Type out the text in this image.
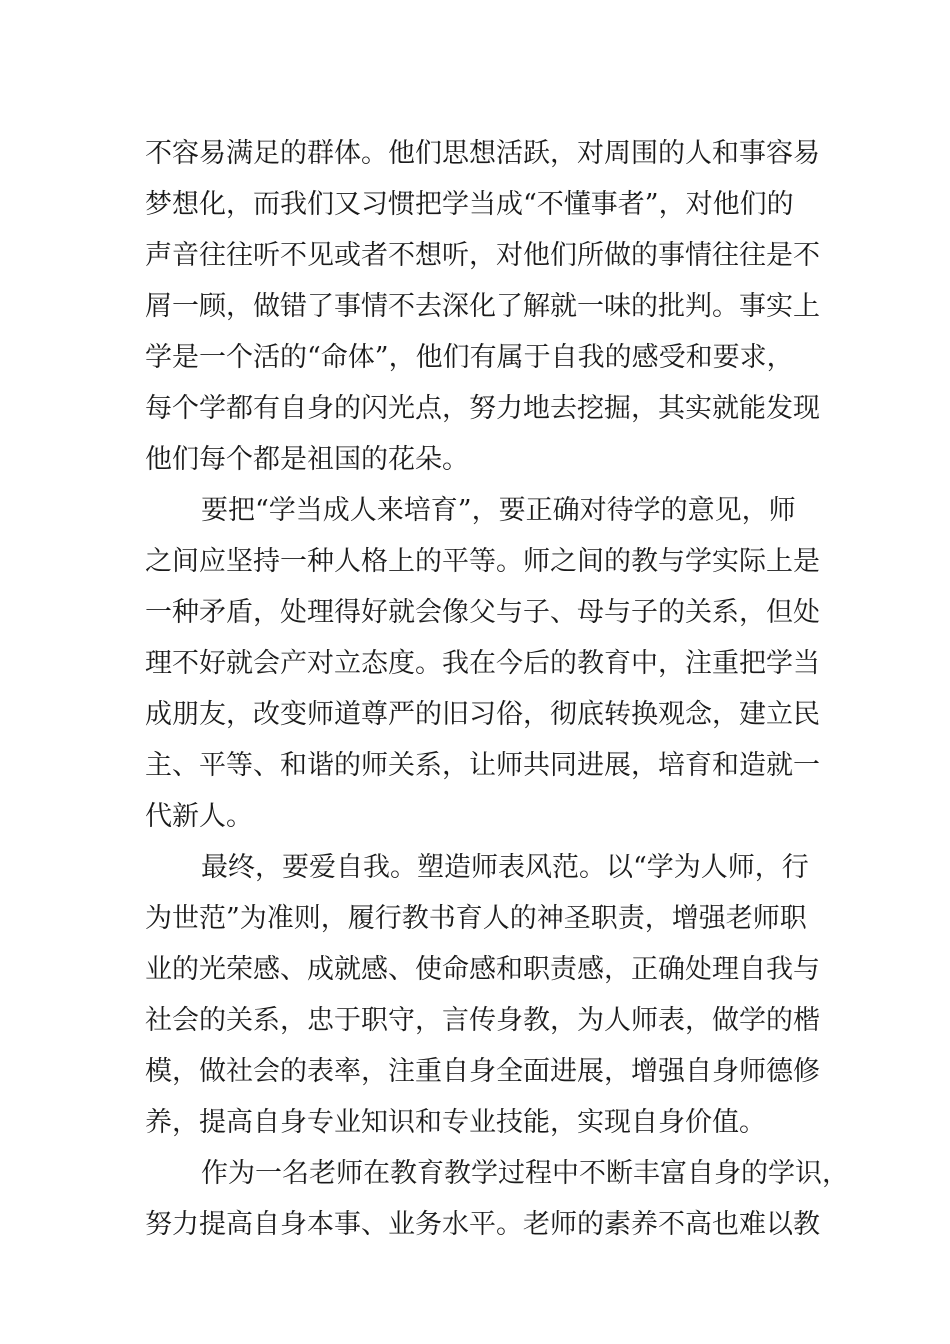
不容易满足的群体。他们思想活跃，对周围的人和事容易
梦想化，而我们又习惯把学当成“不懂事者”，对他们的
声音往往听不见或者不想听，对他们所做的事情往往是不
屑一顾，做错了事情不去深化了解就一味的批判。事实上
学是一个活的“命体”，他们有属于自我的感受和要求，
每个学都有自身的闪光点，努力地去挖掘，其实就能发现
他们每个都是祖国的花朵。
要把“学当成人来培育”，要正确对待学的意见，师
之间应坚持一种人格上的平等。师之间的教与学实际上是
一种矛盾，处理得好就会像父与子、母与子的关系，但处
理不好就会产对立态度。我在今后的教育中，注重把学当
成朋友，改变师道尊严的旧习俗，彻底转换观念，建立民
主、平等、和谐的师关系，让师共同进展，培育和造就一
代新人。
最终，要爱自我。塑造师表风范。以“学为人师，行
为世范”为准则，履行教书育人的神圣职责，增强老师职
业的光荣感、成就感、使命感和职责感，正确处理自我与
社会的关系，忠于职守，言传身教，为人师表，做学的楷
模，做社会的表率，注重自身全面进展，增强自身师德修
养，提高自身专业知识和专业技能，实现自身价值。
作为一名老师在教育教学过程中不断丰富自身的学识，
努力提高自身本事、业务水平。老师的素养不高也难以教
